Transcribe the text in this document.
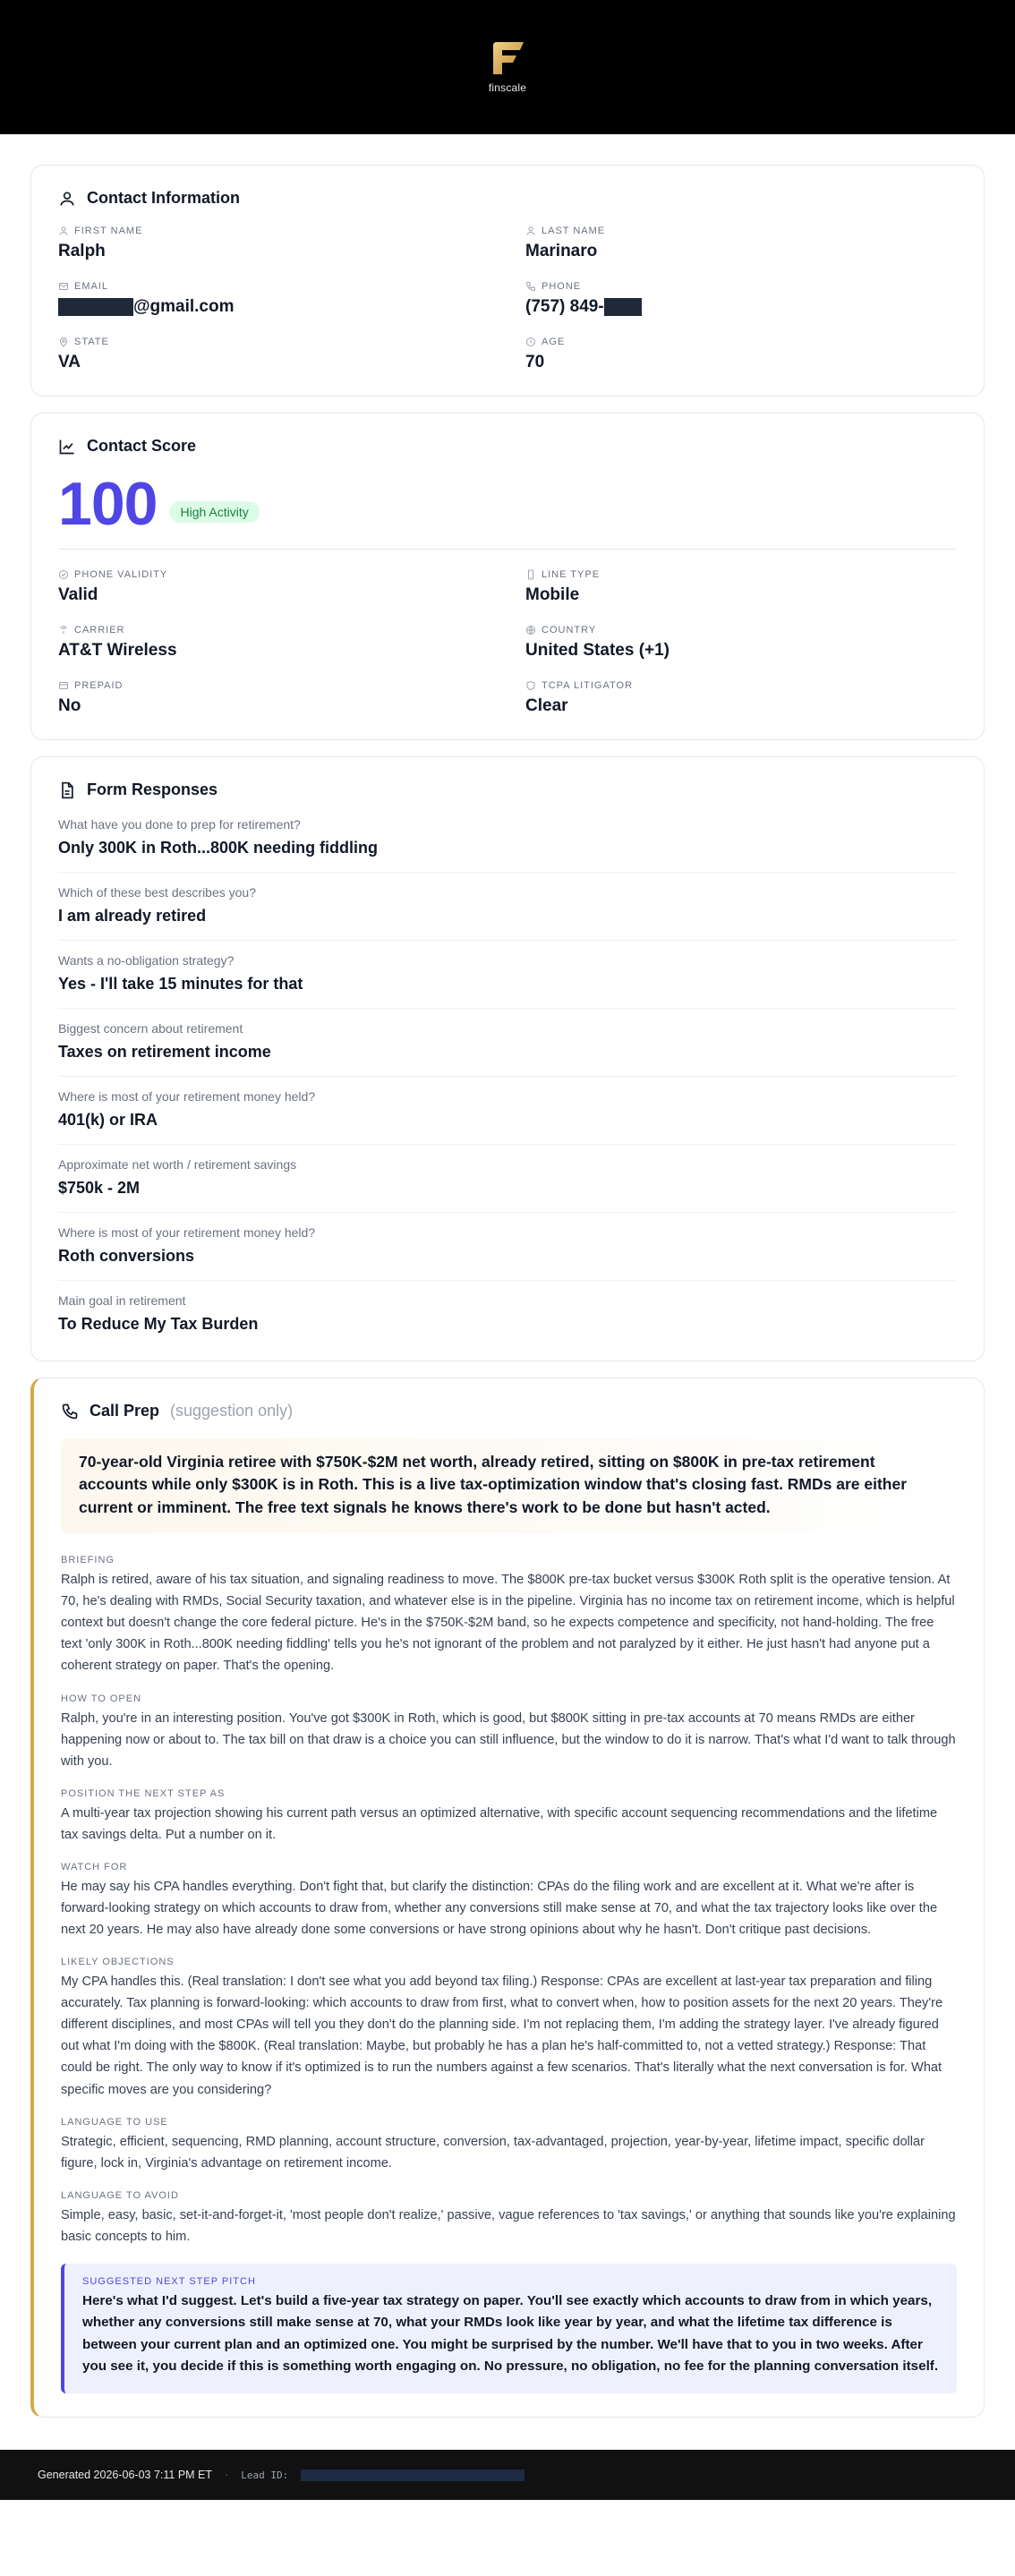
finscale
Contact Information
FIRST NAME
Ralph
LAST NAME
Marinaro
EMAIL
@gmail.com
PHONE
(757) 849-
STATE
VA
AGE
70
Contact Score
100	High Activity
PHONE VALIDITY
Valid
LINE TYPE
Mobile
CARRIER
AT&T Wireless
COUNTRY
United States (+1)
PREPAID
No
TCPA LITIGATOR
Clear
Form Responses
What have you done to prep for retirement?
Only 300K in Roth...800K needing fiddling
Which of these best describes you?
I am already retired
Wants a no-obligation strategy?
Yes - I'll take 15 minutes for that
Biggest concern about retirement
Taxes on retirement income
Where is most of your retirement money held?
401(k) or IRA
Approximate net worth / retirement savings
$750k - 2M
Where is most of your retirement money held?
Roth conversions
Main goal in retirement
To Reduce My Tax Burden
Call Prep (suggestion only)
70-year-old Virginia retiree with $750K-$2M net worth, already retired, sitting on $800K in pre-tax retirement accounts while only $300K is in Roth. This is a live tax-optimization window that's closing fast. RMDs are either current or imminent. The free text signals he knows there's work to be done but hasn't acted.
BRIEFING
Ralph is retired, aware of his tax situation, and signaling readiness to move. The $800K pre-tax bucket versus $300K Roth split is the operative tension. At 70, he's dealing with RMDs, Social Security taxation, and whatever else is in the pipeline. Virginia has no income tax on retirement income, which is helpful context but doesn't change the core federal picture. He's in the $750K-$2M band, so he expects competence and specificity, not hand-holding. The free text 'only 300K in Roth...800K needing fiddling' tells you he's not ignorant of the problem and not paralyzed by it either. He just hasn't had anyone put a coherent strategy on paper. That's the opening.
HOW TO OPEN
Ralph, you're in an interesting position. You've got $300K in Roth, which is good, but $800K sitting in pre-tax accounts at 70 means RMDs are either happening now or about to. The tax bill on that draw is a choice you can still influence, but the window to do it is narrow. That's what I'd want to talk through with you.
POSITION THE NEXT STEP AS
A multi-year tax projection showing his current path versus an optimized alternative, with specific account sequencing recommendations and the lifetime tax savings delta. Put a number on it.
WATCH FOR
He may say his CPA handles everything. Don't fight that, but clarify the distinction: CPAs do the filing work and are excellent at it. What we're after is forward-looking strategy on which accounts to draw from, whether any conversions still make sense at 70, and what the tax trajectory looks like over the next 20 years. He may also have already done some conversions or have strong opinions about why he hasn't. Don't critique past decisions.
LIKELY OBJECTIONS
My CPA handles this. (Real translation: I don't see what you add beyond tax filing.) Response: CPAs are excellent at last-year tax preparation and filing accurately. Tax planning is forward-looking: which accounts to draw from first, what to convert when, how to position assets for the next 20 years. They're different disciplines, and most CPAs will tell you they don't do the planning side. I'm not replacing them, I'm adding the strategy layer. I've already figured out what I'm doing with the $800K. (Real translation: Maybe, but probably he has a plan he's half-committed to, not a vetted strategy.) Response: That could be right. The only way to know if it's optimized is to run the numbers against a few scenarios. That's literally what the next conversation is for. What specific moves are you considering?
LANGUAGE TO USE
Strategic, efficient, sequencing, RMD planning, account structure, conversion, tax-advantaged, projection, year-by-year, lifetime impact, specific dollar figure, lock in, Virginia's advantage on retirement income.
LANGUAGE TO AVOID
Simple, easy, basic, set-it-and-forget-it, 'most people don't realize,' passive, vague references to 'tax savings,' or anything that sounds like you're explaining basic concepts to him.
SUGGESTED NEXT STEP PITCH
Here's what I'd suggest. Let's build a five-year tax strategy on paper. You'll see exactly which accounts to draw from in which years, whether any conversions still make sense at 70, what your RMDs look like year by year, and what the lifetime tax difference is between your current plan and an optimized one. You might be surprised by the number. We'll have that to you in two weeks. After you see it, you decide if this is something worth engaging on. No pressure, no obligation, no fee for the planning conversation itself.
Generated 2026-06-03 7:11 PM ET · Lead ID:
